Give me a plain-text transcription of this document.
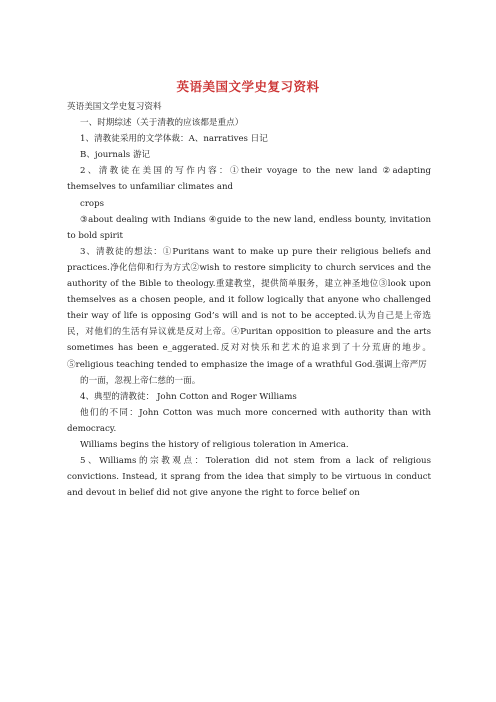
英语美国文学史复习资料

英语美国文学史复习资料

一、时期综述（关于清教的应该都是重点）

1、清教徒采用的文学体裁：A、narratives 日记

B、journals 游记

2、清教徒在美国的写作内容：①their voyage to the new land ②adapting themselves to unfamiliar climates and

crops

③about dealing with Indians ④guide to the new land, endless bounty, invitation to bold spirit

3、清教徒的想法：①Puritans want to make up pure their religious beliefs and practices.净化信仰和行为方式②wish to restore simplicity to church services and the authority of the Bible to theology.重建教堂，提供简单服务，建立神圣地位③look upon themselves as a chosen people, and it follow logically that anyone who challenged their way of life is opposing God’s will and is not to be accepted.认为自己是上帝选民，对他们的生活有异议就是反对上帝。④Puritan opposition to pleasure and the arts sometimes has been e_aggerated.反对对快乐和艺术的追求到了十分荒唐的地步。⑤religious teaching tended to emphasize the image of a wrathful God.强调上帝严厉

的一面，忽视上帝仁慈的一面。

4、典型的清教徒： John Cotton and Roger Williams

他们的不同：John Cotton was much more concerned with authority than with democracy.

Williams begins the history of religious toleration in America.

5、Williams的宗教观点：Toleration did not stem from a lack of religious convictions. Instead, it sprang from the idea that simply to be virtuous in conduct and devout in belief did not give anyone the right to force belief on
